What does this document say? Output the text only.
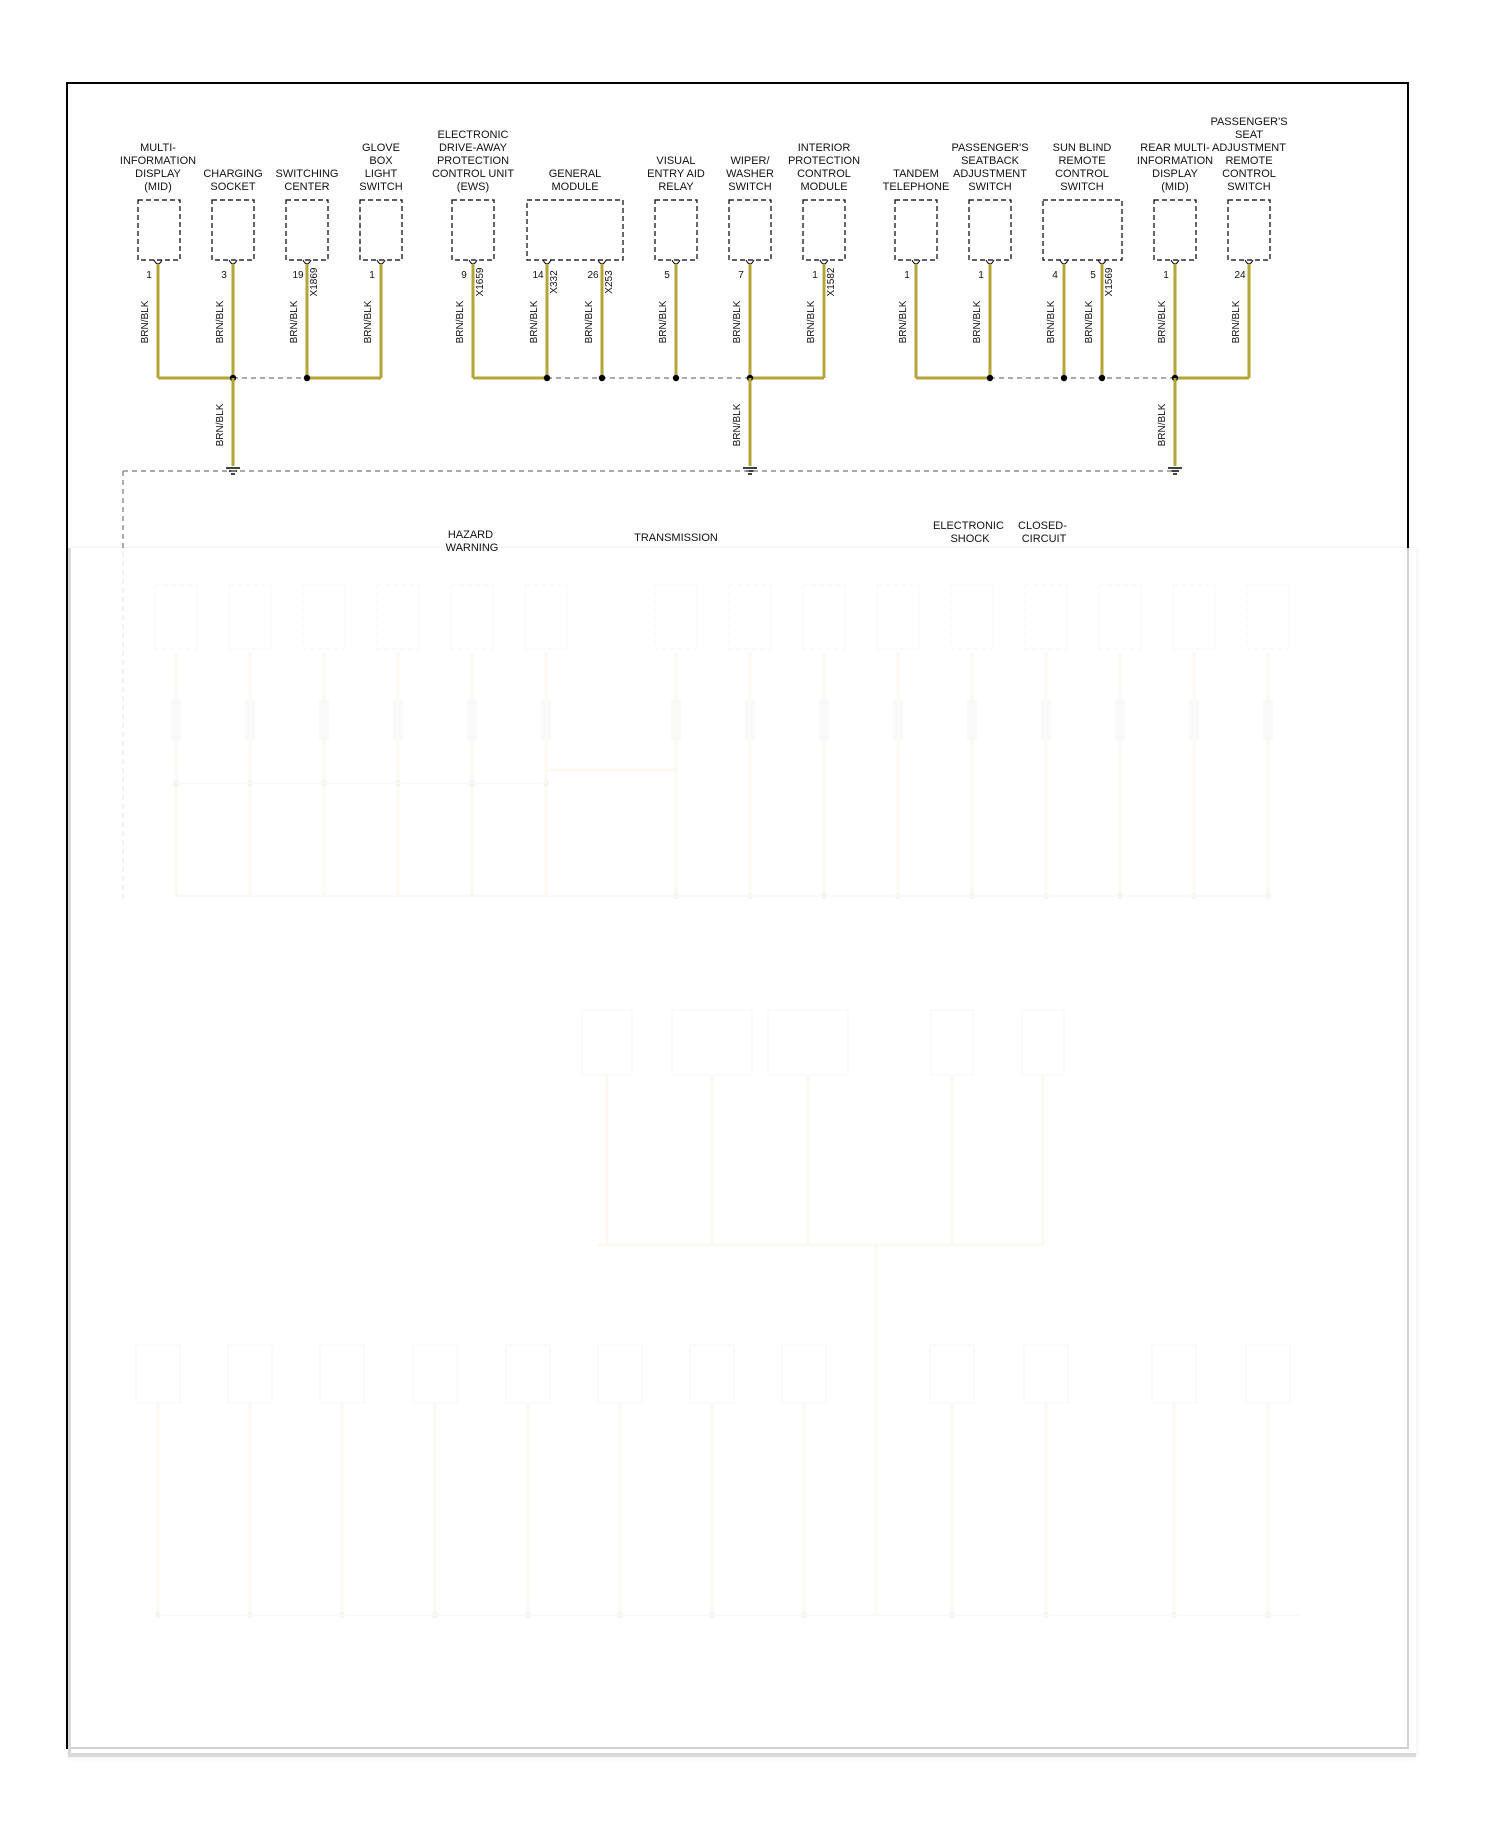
MULTI-INFORMATION DISPLAY (MID)
1
BRN/BLK
CHARGING SOCKET
3
BRN/BLK
SWITCHING CENTER
19
BRN/BLK
X1869
GLOVE BOX LIGHT SWITCH
1
BRN/BLK
ELECTRONIC DRIVE-AWAY PROTECTION CONTROL UNIT (EWS)
9
BRN/BLK
X1659
GENERAL MODULE
14
BRN/BLK
X332	26
BRN/BLK
X253
VISUAL ENTRY AID RELAY
5
BRN/BLK
WIPER/ WASHER SWITCH
7
BRN/BLK
INTERIOR PROTECTION CONTROL MODULE
1
BRN/BLK
X1582
TANDEM TELEPHONE
1
BRN/BLK
PASSENGER'S SEATBACK ADJUSTMENT SWITCH
1
BRN/BLK
SUN BLIND REMOTE CONTROL SWITCH
4
BRN/BLK
5
BRN/BLK
X1569
REAR MULTI-INFORMATION DISPLAY (MID)
1
BRN/BLK
PASSENGER'S SEAT ADJUSTMENT REMOTE CONTROL SWITCH
24
BRN/BLK
BRN/BLK	BRN/BLK	BRN/BLK
HAZARD WARNING
TRANSMISSION
ELECTRONIC SHOCK
CLOSED- CIRCUIT
